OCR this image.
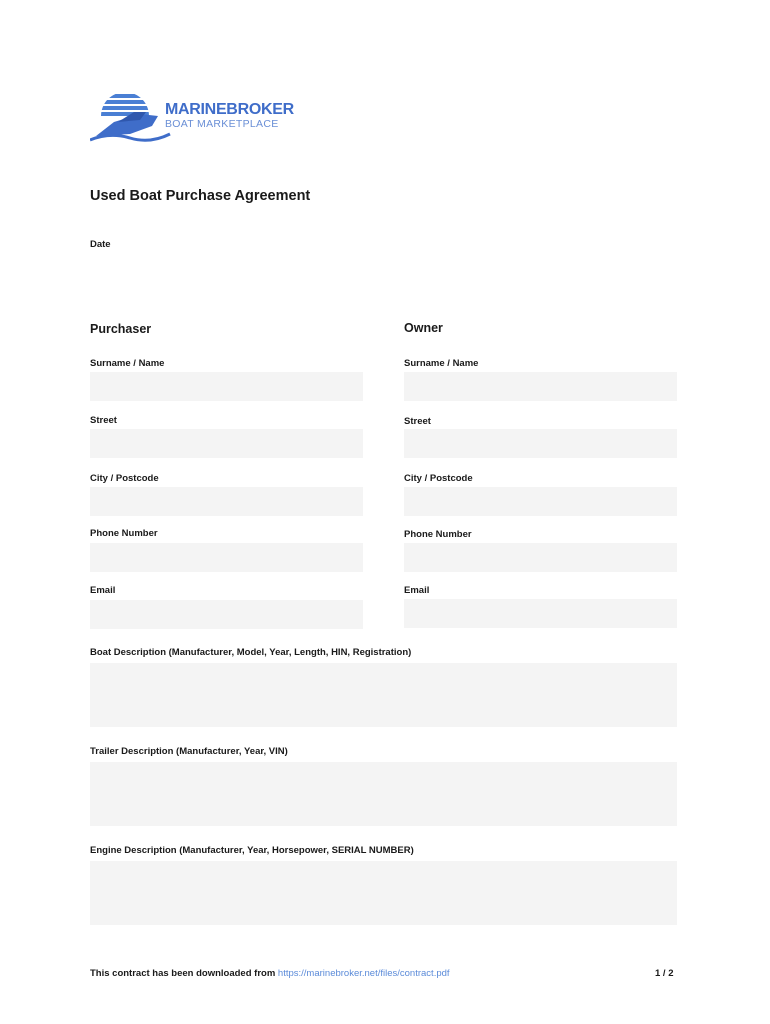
MARINEBROKER
BOAT MARKETPLACE
Used Boat Purchase Agreement
Date
Purchaser	Owner
Surname / Name
Street
City / Postcode
Phone Number
Email
Surname / Name
Street
City / Postcode
Phone Number
Email
Boat Description (Manufacturer, Model, Year, Length, HIN, Registration)
Trailer Description (Manufacturer, Year, VIN)
Engine Description (Manufacturer, Year, Horsepower, SERIAL NUMBER)
This contract has been downloaded from https://marinebroker.net/files/contract.pdf	1 / 2
